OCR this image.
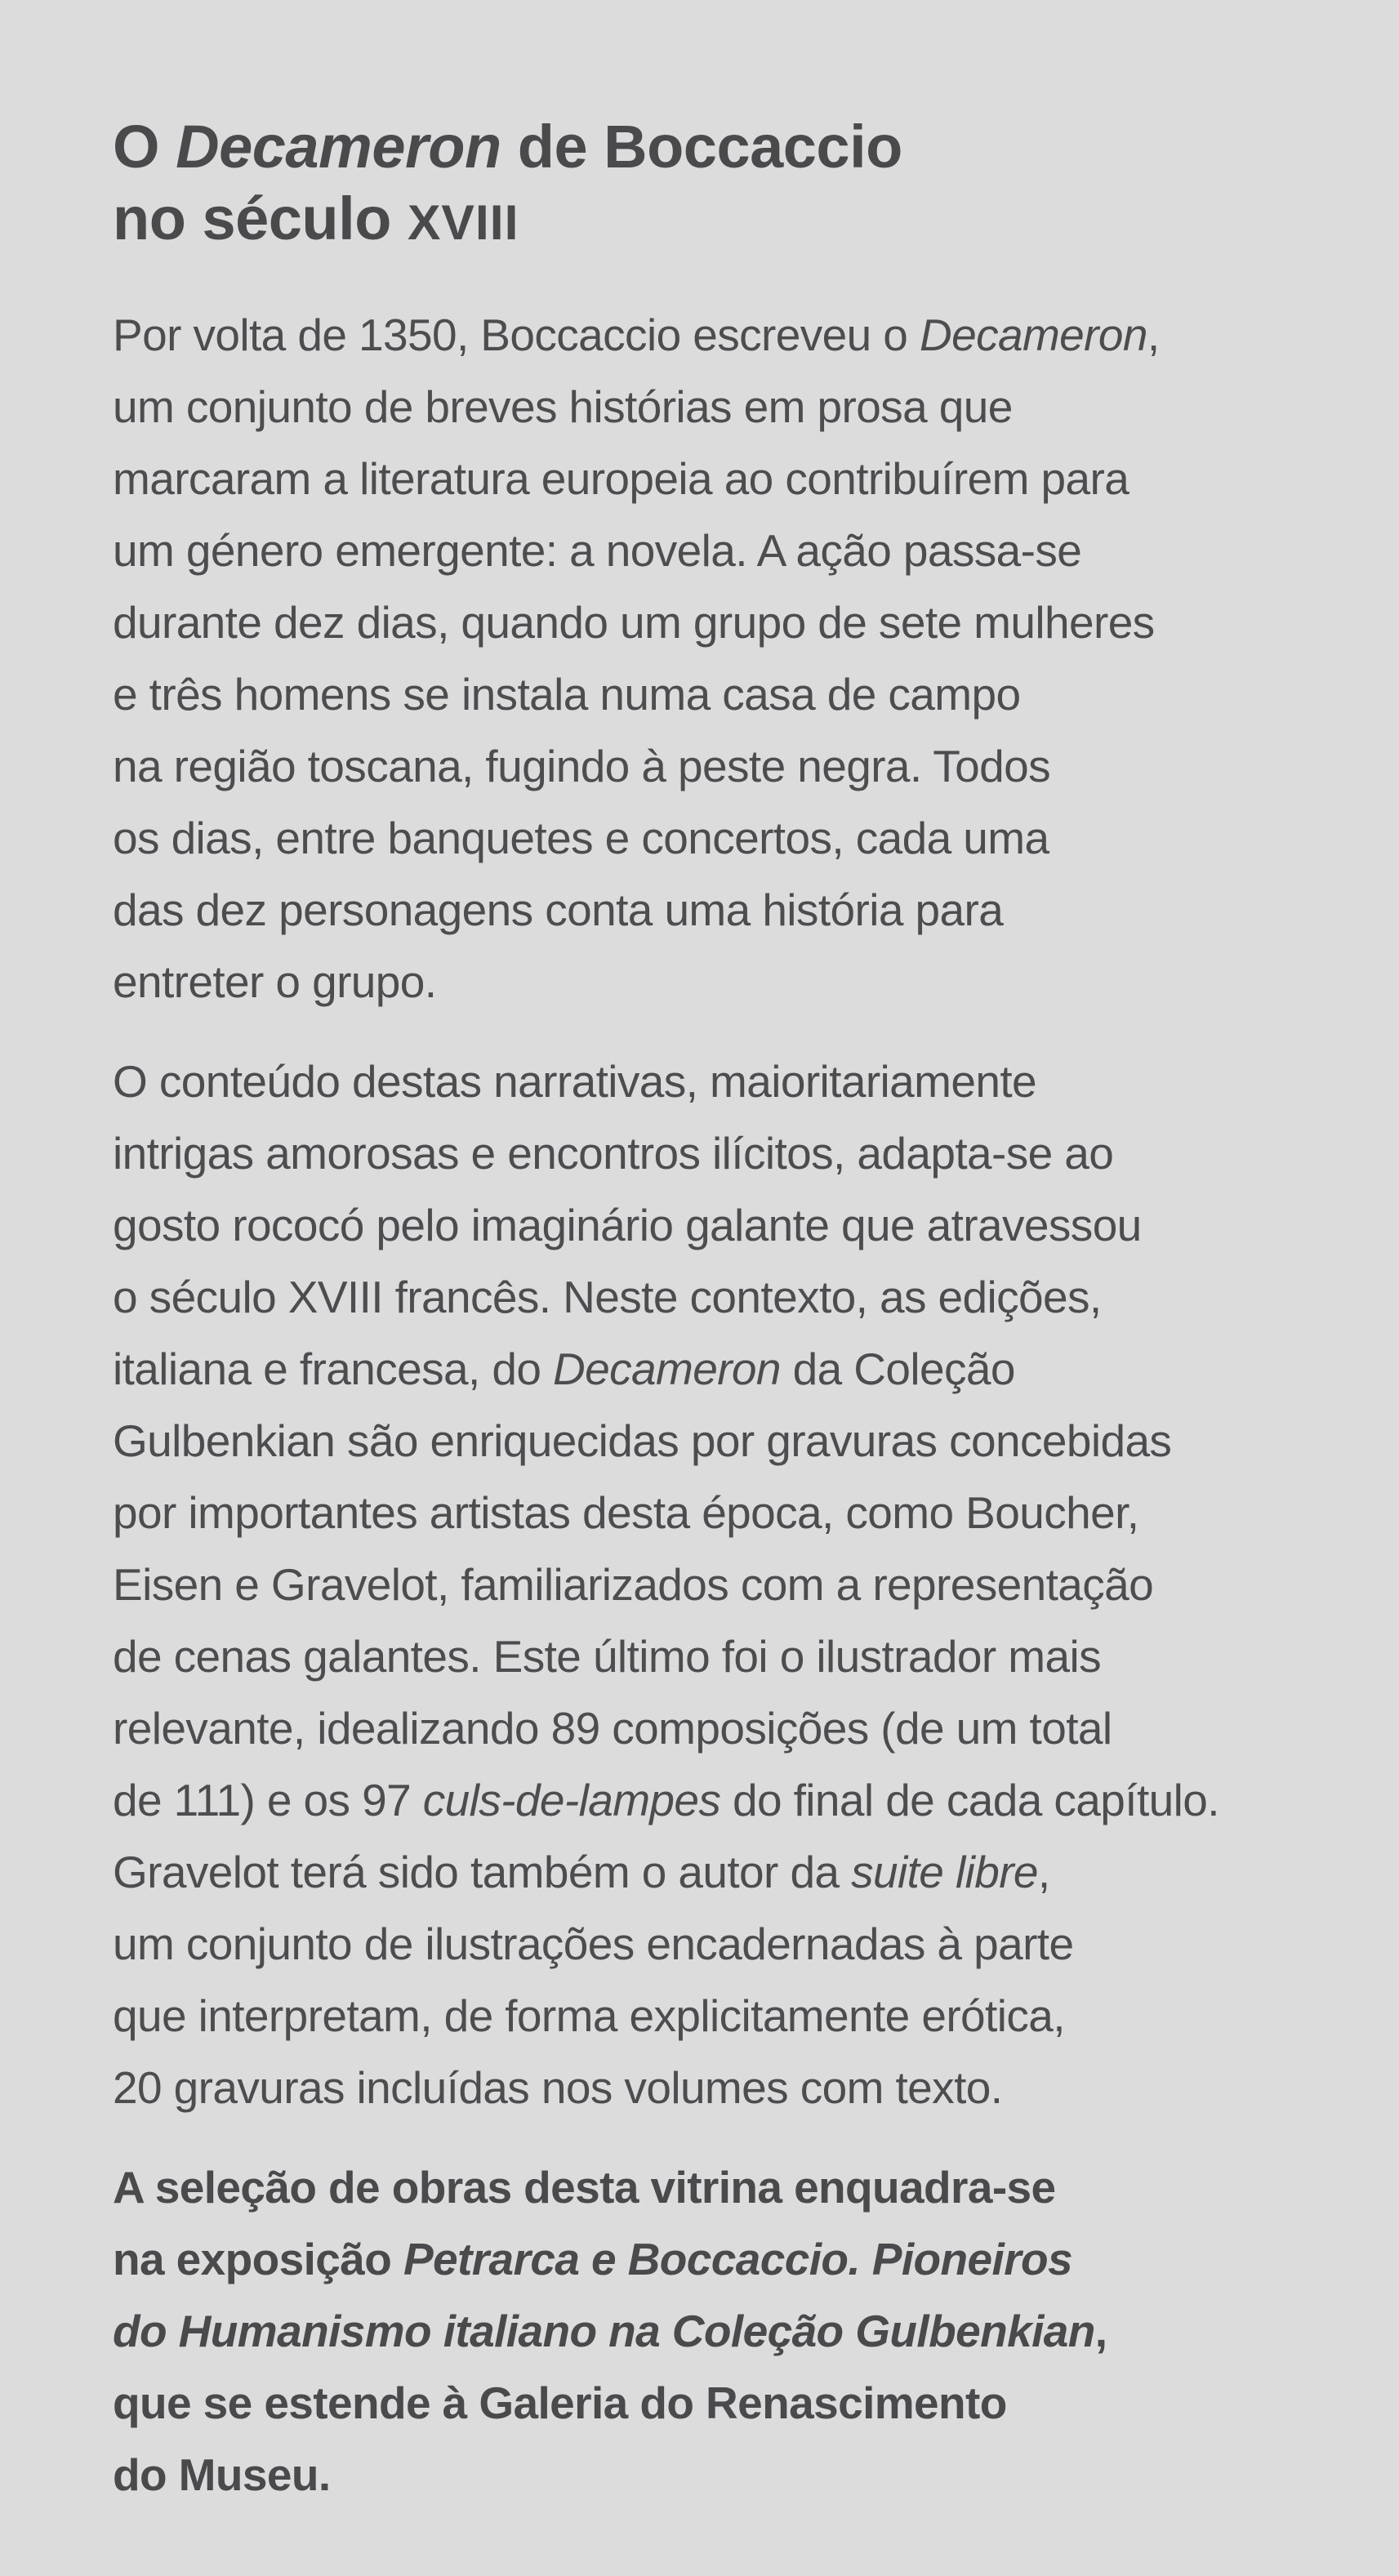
O Decameron de Boccaccio
no século XVIII

Por volta de 1350, Boccaccio escreveu o Decameron,
um conjunto de breves histórias em prosa que
marcaram a literatura europeia ao contribuírem para
um género emergente: a novela. A ação passa-se
durante dez dias, quando um grupo de sete mulheres
e três homens se instala numa casa de campo
na região toscana, fugindo à peste negra. Todos
os dias, entre banquetes e concertos, cada uma
das dez personagens conta uma história para
entreter o grupo.

O conteúdo destas narrativas, maioritariamente
intrigas amorosas e encontros ilícitos, adapta-se ao
gosto rococó pelo imaginário galante que atravessou
o século XVIII francês. Neste contexto, as edições,
italiana e francesa, do Decameron da Coleção
Gulbenkian são enriquecidas por gravuras concebidas
por importantes artistas desta época, como Boucher,
Eisen e Gravelot, familiarizados com a representação
de cenas galantes. Este último foi o ilustrador mais
relevante, idealizando 89 composições (de um total
de 111) e os 97 culs-de-lampes do final de cada capítulo.
Gravelot terá sido também o autor da suite libre,
um conjunto de ilustrações encadernadas à parte
que interpretam, de forma explicitamente erótica,
20 gravuras incluídas nos volumes com texto.

A seleção de obras desta vitrina enquadra-se
na exposição Petrarca e Boccaccio. Pioneiros
do Humanismo italiano na Coleção Gulbenkian,
que se estende à Galeria do Renascimento
do Museu.
